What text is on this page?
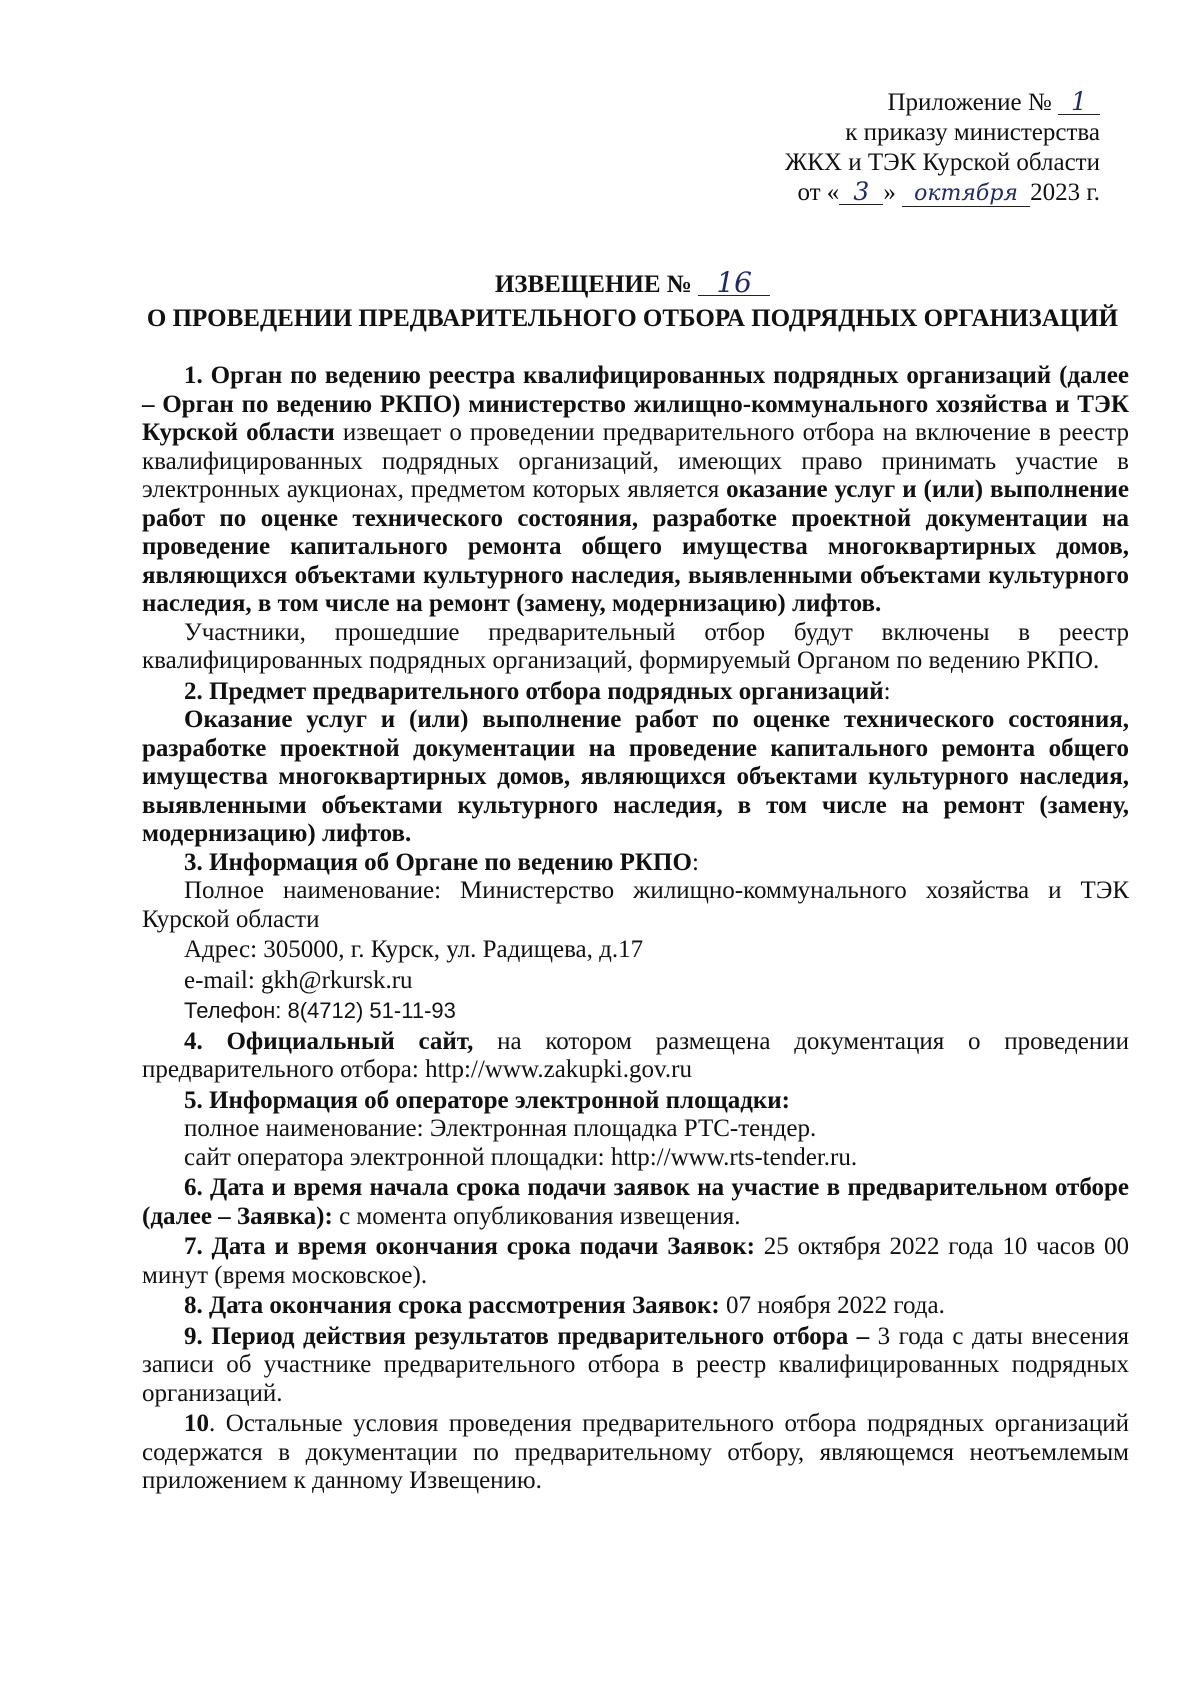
Приложение № 1
к приказу министерства
ЖКХ и ТЭК Курской области
от « 3 » октября 2023 г.
ИЗВЕЩЕНИЕ № 16
О ПРОВЕДЕНИИ ПРЕДВАРИТЕЛЬНОГО ОТБОРА ПОДРЯДНЫХ ОРГАНИЗАЦИЙ

1. Орган по ведению реестра квалифицированных подрядных организаций (далее – Орган по ведению РКПО) министерство жилищно-коммунального хозяйства и ТЭК Курской области извещает о проведении предварительного отбора на включение в реестр квалифицированных подрядных организаций, имеющих право принимать участие в электронных аукционах, предметом которых является оказание услуг и (или) выполнение работ по оценке технического состояния, разработке проектной документации на проведение капитального ремонта общего имущества многоквартирных домов, являющихся объектами культурного наследия, выявленными объектами культурного наследия, в том числе на ремонт (замену, модернизацию) лифтов.

Участники, прошедшие предварительный отбор будут включены в реестр квалифицированных подрядных организаций, формируемый Органом по ведению РКПО.

2. Предмет предварительного отбора подрядных организаций:

Оказание услуг и (или) выполнение работ по оценке технического состояния, разработке проектной документации на проведение капитального ремонта общего имущества многоквартирных домов, являющихся объектами культурного наследия, выявленными объектами культурного наследия, в том числе на ремонт (замену, модернизацию) лифтов.

3. Информация об Органе по ведению РКПО:

Полное наименование: Министерство жилищно-коммунального хозяйства и ТЭК Курской области

Адрес: 305000, г. Курск, ул. Радищева, д.17

e-mail: gkh@rkursk.ru

Телефон: 8(4712) 51-11-93

4. Официальный сайт, на котором размещена документация о проведении предварительного отбора: http://www.zakupki.gov.ru

5. Информация об операторе электронной площадки:

полное наименование: Электронная площадка РТС-тендер.

сайт оператора электронной площадки: http://www.rts-tender.ru.

6. Дата и время начала срока подачи заявок на участие в предварительном отборе (далее – Заявка): с момента опубликования извещения.

7. Дата и время окончания срока подачи Заявок: 25 октября 2022 года 10 часов 00 минут (время московское).

8. Дата окончания срока рассмотрения Заявок: 07 ноября 2022 года.

9. Период действия результатов предварительного отбора – 3 года с даты внесения записи об участнике предварительного отбора в реестр квалифицированных подрядных организаций.

10. Остальные условия проведения предварительного отбора подрядных организаций содержатся в документации по предварительному отбору, являющемся неотъемлемым приложением к данному Извещению.
